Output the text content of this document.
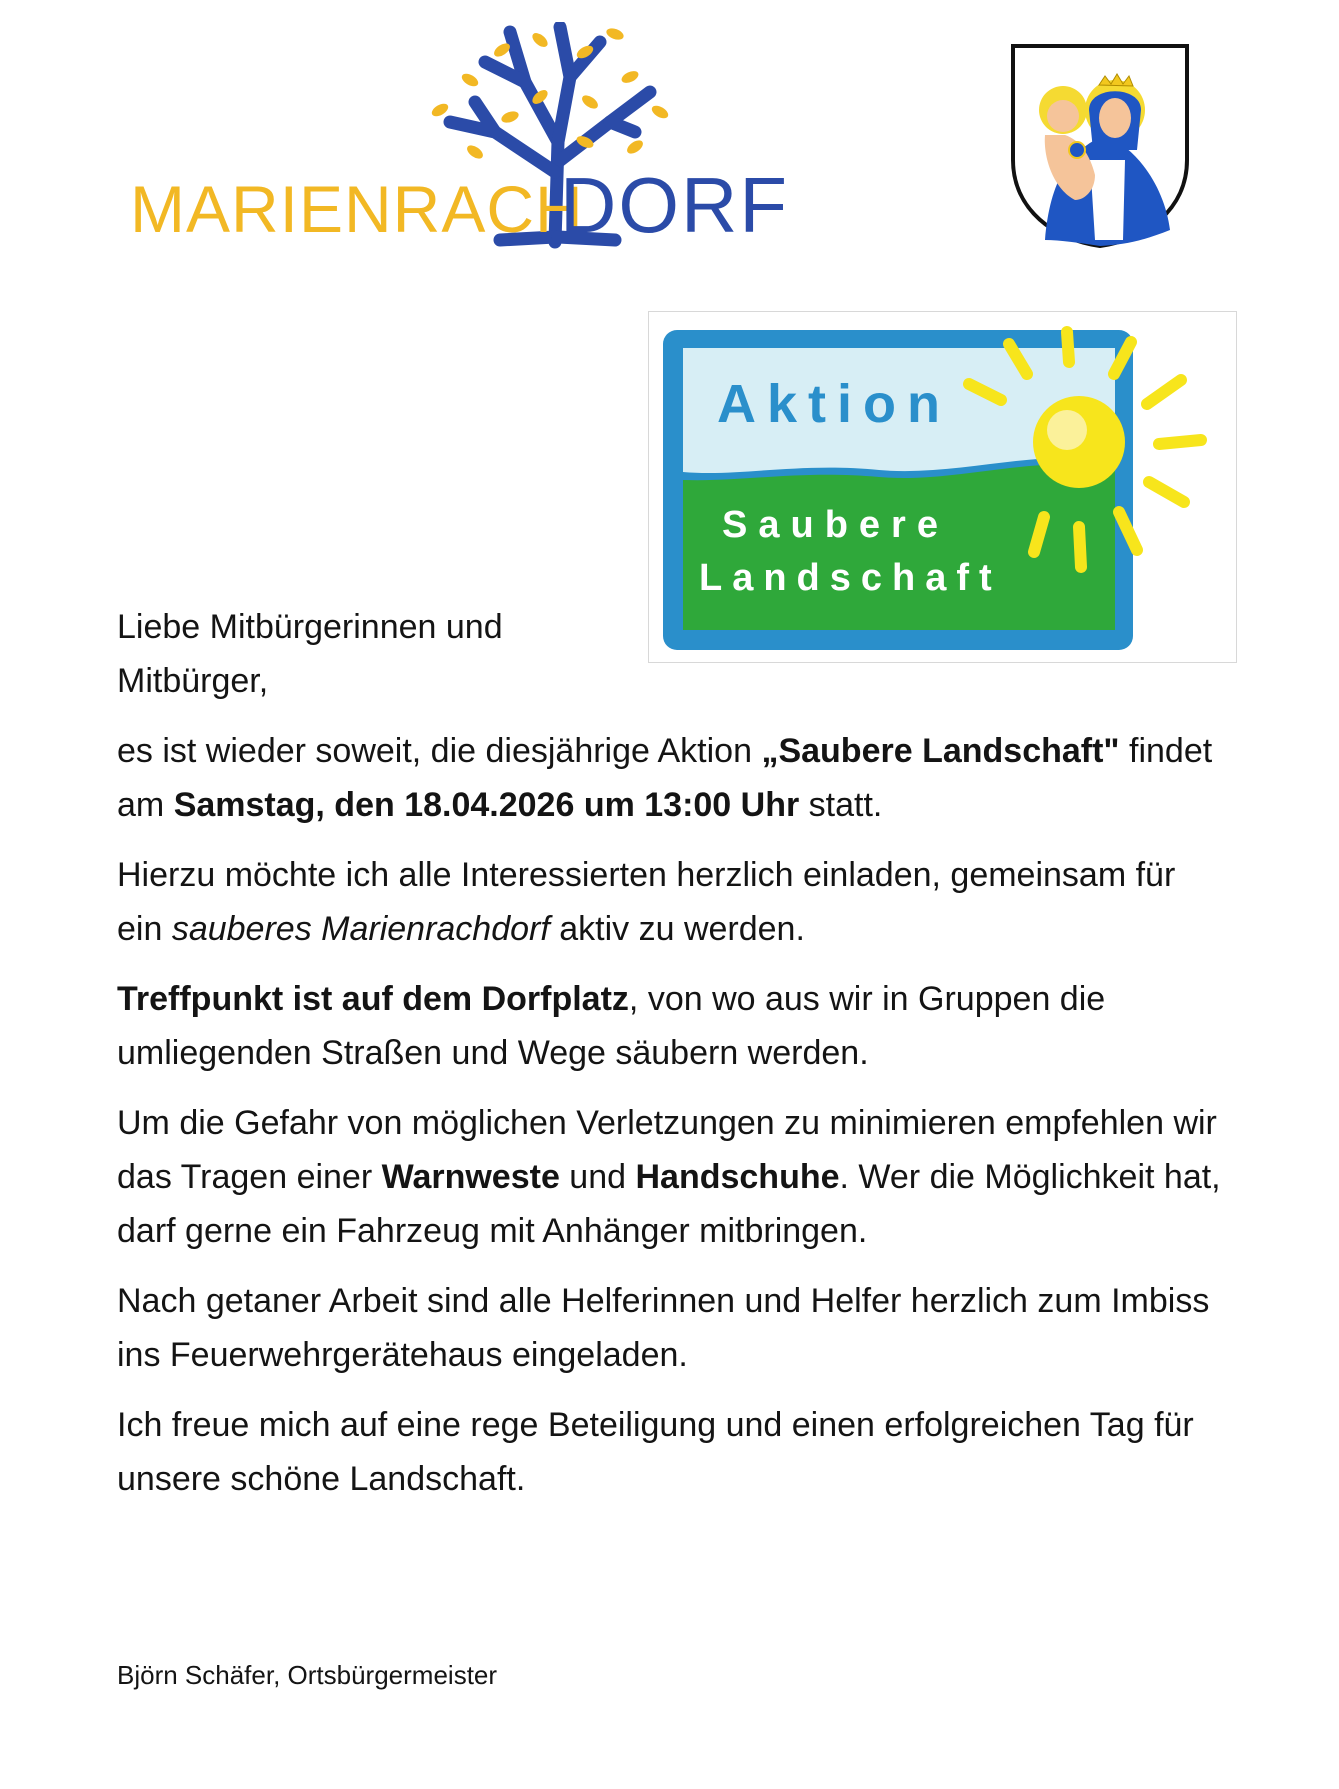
MARIENRACH
DORF
Aktion
Saubere
Landschaft

Liebe Mitbürgerinnen und Mitbürger,

es ist wieder soweit, die diesjährige Aktion „Saubere Landschaft" findet am Samstag, den 18.04.2026 um 13:00 Uhr statt.

Hierzu möchte ich alle Interessierten herzlich einladen, gemeinsam für ein sauberes Marienrachdorf aktiv zu werden.

Treffpunkt ist auf dem Dorfplatz, von wo aus wir in Gruppen die umliegenden Straßen und Wege säubern werden.

Um die Gefahr von möglichen Verletzungen zu minimieren empfehlen wir das Tragen einer Warnweste und Handschuhe. Wer die Möglichkeit hat, darf gerne ein Fahrzeug mit Anhänger mitbringen.

Nach getaner Arbeit sind alle Helferinnen und Helfer herzlich zum Imbiss ins Feuerwehrgerätehaus eingeladen.

Ich freue mich auf eine rege Beteiligung und einen erfolgreichen Tag für unsere schöne Landschaft.

Björn Schäfer, Ortsbürgermeister
